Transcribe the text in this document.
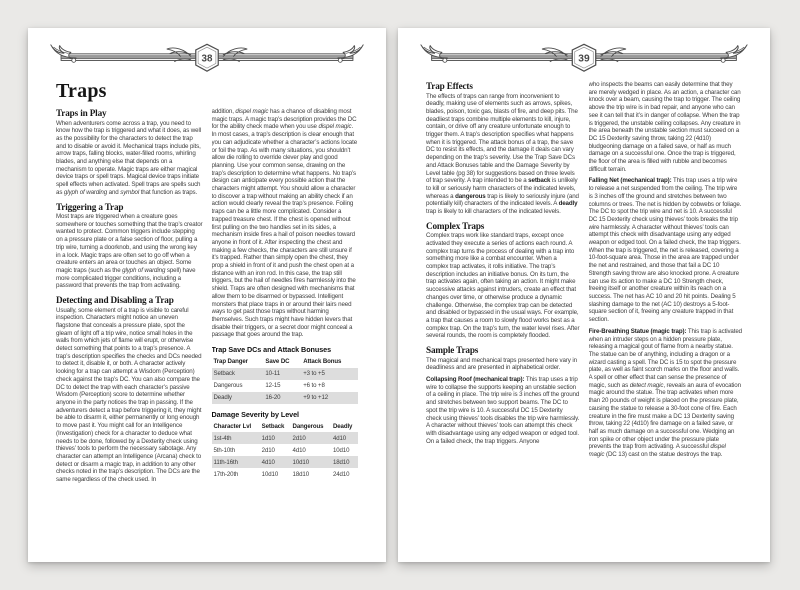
38
Traps
Traps in Play

When adventurers come across a trap, you need to know how the trap is triggered and what it does, as well as the possibility for the characters to detect the trap and to disable or avoid it. Mechanical traps include pits, arrow traps, falling blocks, water-filled rooms, whirling blades, and anything else that depends on a mechanism to operate. Magic traps are either magical device traps or spell traps. Magical device traps initiate spell effects when activated. Spell traps are spells such as glyph of warding and symbol that function as traps.

Triggering a Trap

Most traps are triggered when a creature goes somewhere or touches something that the trap’s creator wanted to protect. Common triggers include stepping on a pressure plate or a false section of floor, pulling a trip wire, turning a doorknob, and using the wrong key in a lock. Magic traps are often set to go off when a creature enters an area or touches an object. Some magic traps (such as the glyph of warding spell) have more complicated trigger conditions, including a password that prevents the trap from activating.

Detecting and Disabling a Trap

Usually, some element of a trap is visible to careful inspection. Characters might notice an uneven flagstone that conceals a pressure plate, spot the gleam of light off a trip wire, notice small holes in the walls from which jets of flame will erupt, or otherwise detect something that points to a trap’s presence. A trap’s description specifies the checks and DCs needed to detect it, disable it, or both. A character actively looking for a trap can attempt a Wisdom (Perception) check against the trap’s DC. You can also compare the DC to detect the trap with each character’s passive Wisdom (Perception) score to determine whether anyone in the party notices the trap in passing. If the adventurers detect a trap before triggering it, they might be able to disarm it, either permanently or long enough to move past it. You might call for an Intelligence (Investigation) check for a character to deduce what needs to be done, followed by a Dexterity check using thieves’ tools to perform the necessary sabotage. Any character can attempt an Intelligence (Arcana) check to detect or disarm a magic trap, in addition to any other checks noted in the trap’s description. The DCs are the same regardless of the check used. In

addition, dispel magic has a chance of disabling most magic traps. A magic trap’s description provides the DC for the ability check made when you use dispel magic. In most cases, a trap’s description is clear enough that you can adjudicate whether a character’s actions locate or foil the trap. As with many situations, you shouldn’t allow die rolling to override clever play and good planning. Use your common sense, drawing on the trap’s description to determine what happens. No trap’s design can anticipate every possible action that the characters might attempt. You should allow a character to discover a trap without making an ability check if an action would clearly reveal the trap’s presence. Foiling traps can be a little more complicated. Consider a trapped treasure chest. If the chest is opened without first pulling on the two handles set in its sides, a mechanism inside fires a hail of poison needles toward anyone in front of it. After inspecting the chest and making a few checks, the characters are still unsure if it’s trapped. Rather than simply open the chest, they prop a shield in front of it and push the chest open at a distance with an iron rod. In this case, the trap still triggers, but the hail of needles fires harmlessly into the shield. Traps are often designed with mechanisms that allow them to be disarmed or bypassed. Intelligent monsters that place traps in or around their lairs need ways to get past those traps without harming themselves. Such traps might have hidden levers that disable their triggers, or a secret door might conceal a passage that goes around the trap.

Trap Save DCs and Attack Bonuses
Trap Danger	Save DC	Attack Bonus
Setback	10-11	+3 to +5
Dangerous	12-15	+6 to +8
Deadly	16-20	+9 to +12
Damage Severity by Level
Character Lvl	Setback	Dangerous	Deadly
1st-4th	1d10	2d10	4d10
5th-10th	2d10	4d10	10d10
11th-16th	4d10	10d10	18d10
17th-20th	10d10	18d10	24d10
39
Trap Effects

The effects of traps can range from inconvenient to deadly, making use of elements such as arrows, spikes, blades, poison, toxic gas, blasts of fire, and deep pits. The deadliest traps combine multiple elements to kill, injure, contain, or drive off any creature unfortunate enough to trigger them. A trap’s description specifies what happens when it is triggered. The attack bonus of a trap, the save DC to resist its effects, and the damage it deals can vary depending on the trap’s severity. Use the Trap Save DCs and Attack Bonuses table and the Damage Severity by Level table (pg 38) for suggestions based on three levels of trap severity. A trap intended to be a setback is unlikely to kill or seriously harm characters of the indicated levels, whereas a dangerous trap is likely to seriously injure (and potentially kill) characters of the indicated levels. A deadly trap is likely to kill characters of the indicated levels.

Complex Traps

Complex traps work like standard traps, except once activated they execute a series of actions each round. A complex trap turns the process of dealing with a trap into something more like a combat encounter. When a complex trap activates, it rolls initiative. The trap’s description includes an initiative bonus. On its turn, the trap activates again, often taking an action. It might make successive attacks against intruders, create an effect that changes over time, or otherwise produce a dynamic challenge. Otherwise, the complex trap can be detected and disabled or bypassed in the usual ways. For example, a trap that causes a room to slowly flood works best as a complex trap. On the trap’s turn, the water level rises. After several rounds, the room is completely flooded.

Sample Traps

The magical and mechanical traps presented here vary in deadliness and are presented in alphabetical order.

Collapsing Roof (mechanical trap): This trap uses a trip wire to collapse the supports keeping an unstable section of a ceiling in place. The trip wire is 3 inches off the ground and stretches between two support beams. The DC to spot the trip wire is 10. A successful DC 15 Dexterity check using thieves’ tools disables the trip wire harmlessly. A character without thieves’ tools can attempt this check with disadvantage using any edged weapon or edged tool. On a failed check, the trap triggers. Anyone

who inspects the beams can easily determine that they are merely wedged in place. As an action, a character can knock over a beam, causing the trap to trigger. The ceiling above the trip wire is in bad repair, and anyone who can see it can tell that it’s in danger of collapse. When the trap is triggered, the unstable ceiling collapses. Any creature in the area beneath the unstable section must succeed on a DC 15 Dexterity saving throw, taking 22 (4d10) bludgeoning damage on a failed save, or half as much damage on a successful one. Once the trap is triggered, the floor of the area is filled with rubble and becomes difficult terrain.

Falling Net (mechanical trap): This trap uses a trip wire to release a net suspended from the ceiling. The trip wire is 3 inches off the ground and stretches between two columns or trees. The net is hidden by cobwebs or foliage. The DC to spot the trip wire and net is 10. A successful DC 15 Dexterity check using thieves’ tools breaks the trip wire harmlessly. A character without thieves’ tools can attempt this check with disadvantage using any edged weapon or edged tool. On a failed check, the trap triggers. When the trap is triggered, the net is released, covering a 10-foot-square area. Those in the area are trapped under the net and restrained, and those that fail a DC 10 Strength saving throw are also knocked prone. A creature can use its action to make a DC 10 Strength check, freeing itself or another creature within its reach on a success. The net has AC 10 and 20 hit points. Dealing 5 slashing damage to the net (AC 10) destroys a 5-foot-square section of it, freeing any creature trapped in that section.

Fire-Breathing Statue (magic trap): This trap is activated when an intruder steps on a hidden pressure plate, releasing a magical gout of flame from a nearby statue. The statue can be of anything, including a dragon or a wizard casting a spell. The DC is 15 to spot the pressure plate, as well as faint scorch marks on the floor and walls. A spell or other effect that can sense the presence of magic, such as detect magic, reveals an aura of evocation magic around the statue. The trap activates when more than 20 pounds of weight is placed on the pressure plate, causing the statue to release a 30-foot cone of fire. Each creature in the fire must make a DC 13 Dexterity saving throw, taking 22 (4d10) fire damage on a failed save, or half as much damage on a successful one. Wedging an iron spike or other object under the pressure plate prevents the trap from activating. A successful dispel magic (DC 13) cast on the statue destroys the trap.
